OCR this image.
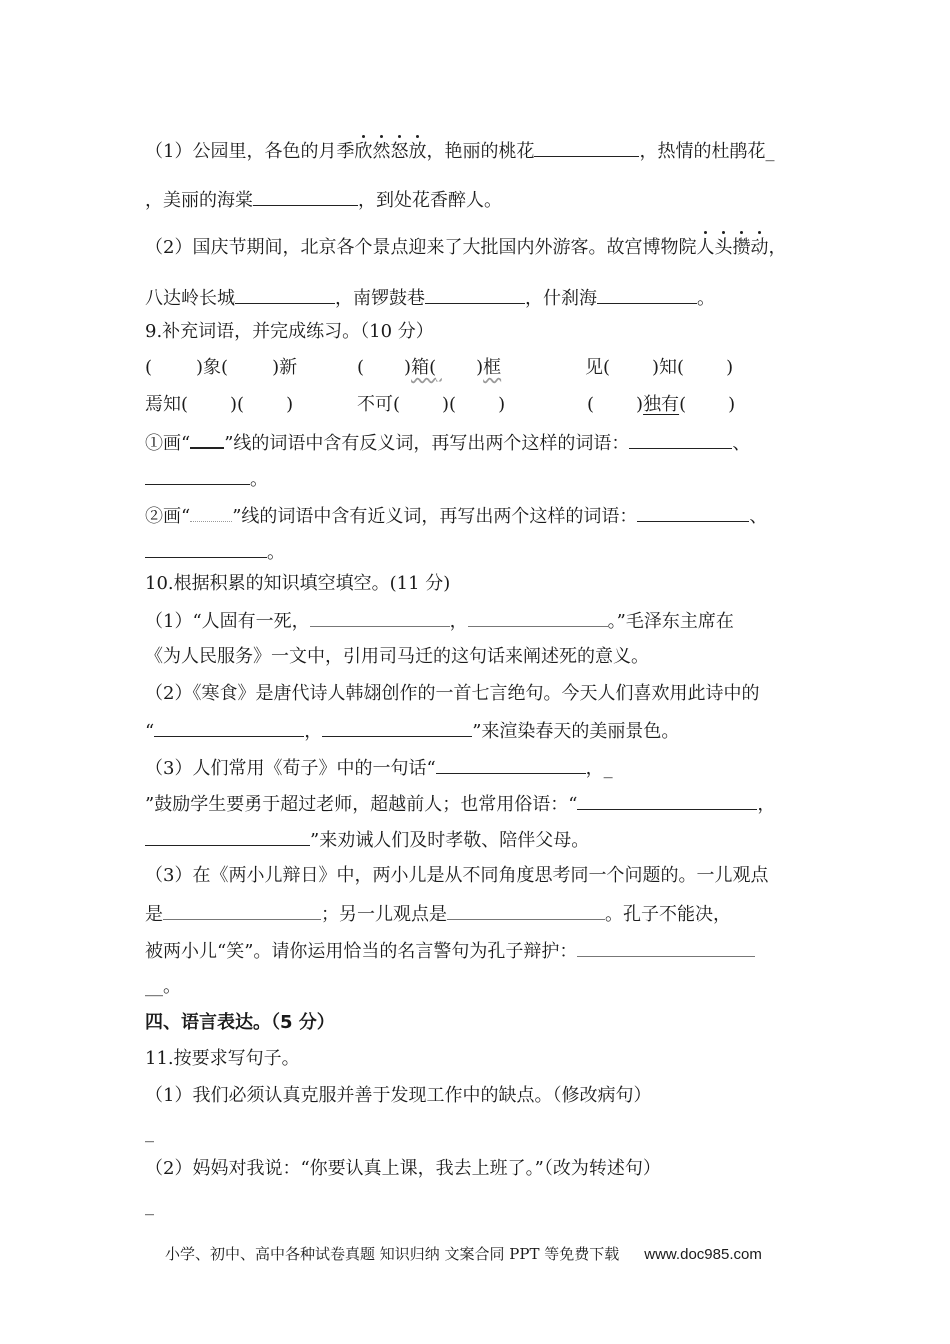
（1）公园里，各色的月季欣然怒放，艳丽的桃花	，热情的杜鹃花_
，美丽的海棠	，到处花香醉人。
（2）国庆节期间，北京各个景点迎来了大批国内外游客。故宫博物院人头攒动，
八达岭长城	，南锣鼓巷	，什刹海	。
9.补充词语，并完成练习。（10 分）
( )象( )新	( )箱( )框	见( )知( )
焉知( )( )	不可( )( )	( )独有( )
①画“ ”线的词语中含有反义词，再写出两个这样的词语：	、
。
②画“ ”线的词语中含有近义词，再写出两个这样的词语：	、
。
10.根据积累的知识填空填空。(11 分)
（1）“人固有一死，	，	。”毛泽东主席在
《为人民服务》一文中，引用司马迁的这句话来阐述死的意义。
（2）《寒食》是唐代诗人韩翃创作的一首七言绝句。今天人们喜欢用此诗中的
“	，	”来渲染春天的美丽景色。
（3）人们常用《荀子》中的一句话“	，_
”鼓励学生要勇于超过老师，超越前人；也常用俗语：“	，
”来劝诫人们及时孝敬、陪伴父母。
（3）在《两小儿辩日》中，两小儿是从不同角度思考同一个问题的。一儿观点
是	；另一儿观点是	。孔子不能决，
被两小儿“笑”。请你运用恰当的名言警句为孔子辩护：
__。
四、语言表达。（5 分）
11.按要求写句子。
（1）我们必须认真克服并善于发现工作中的缺点。（修改病句）
_
（2）妈妈对我说：“你要认真上课，我去上班了。”（改为转述句）
_
小学、初中、高中各种试卷真题 知识归纳 文案合同 PPT 等免费下载 www.doc985.com
